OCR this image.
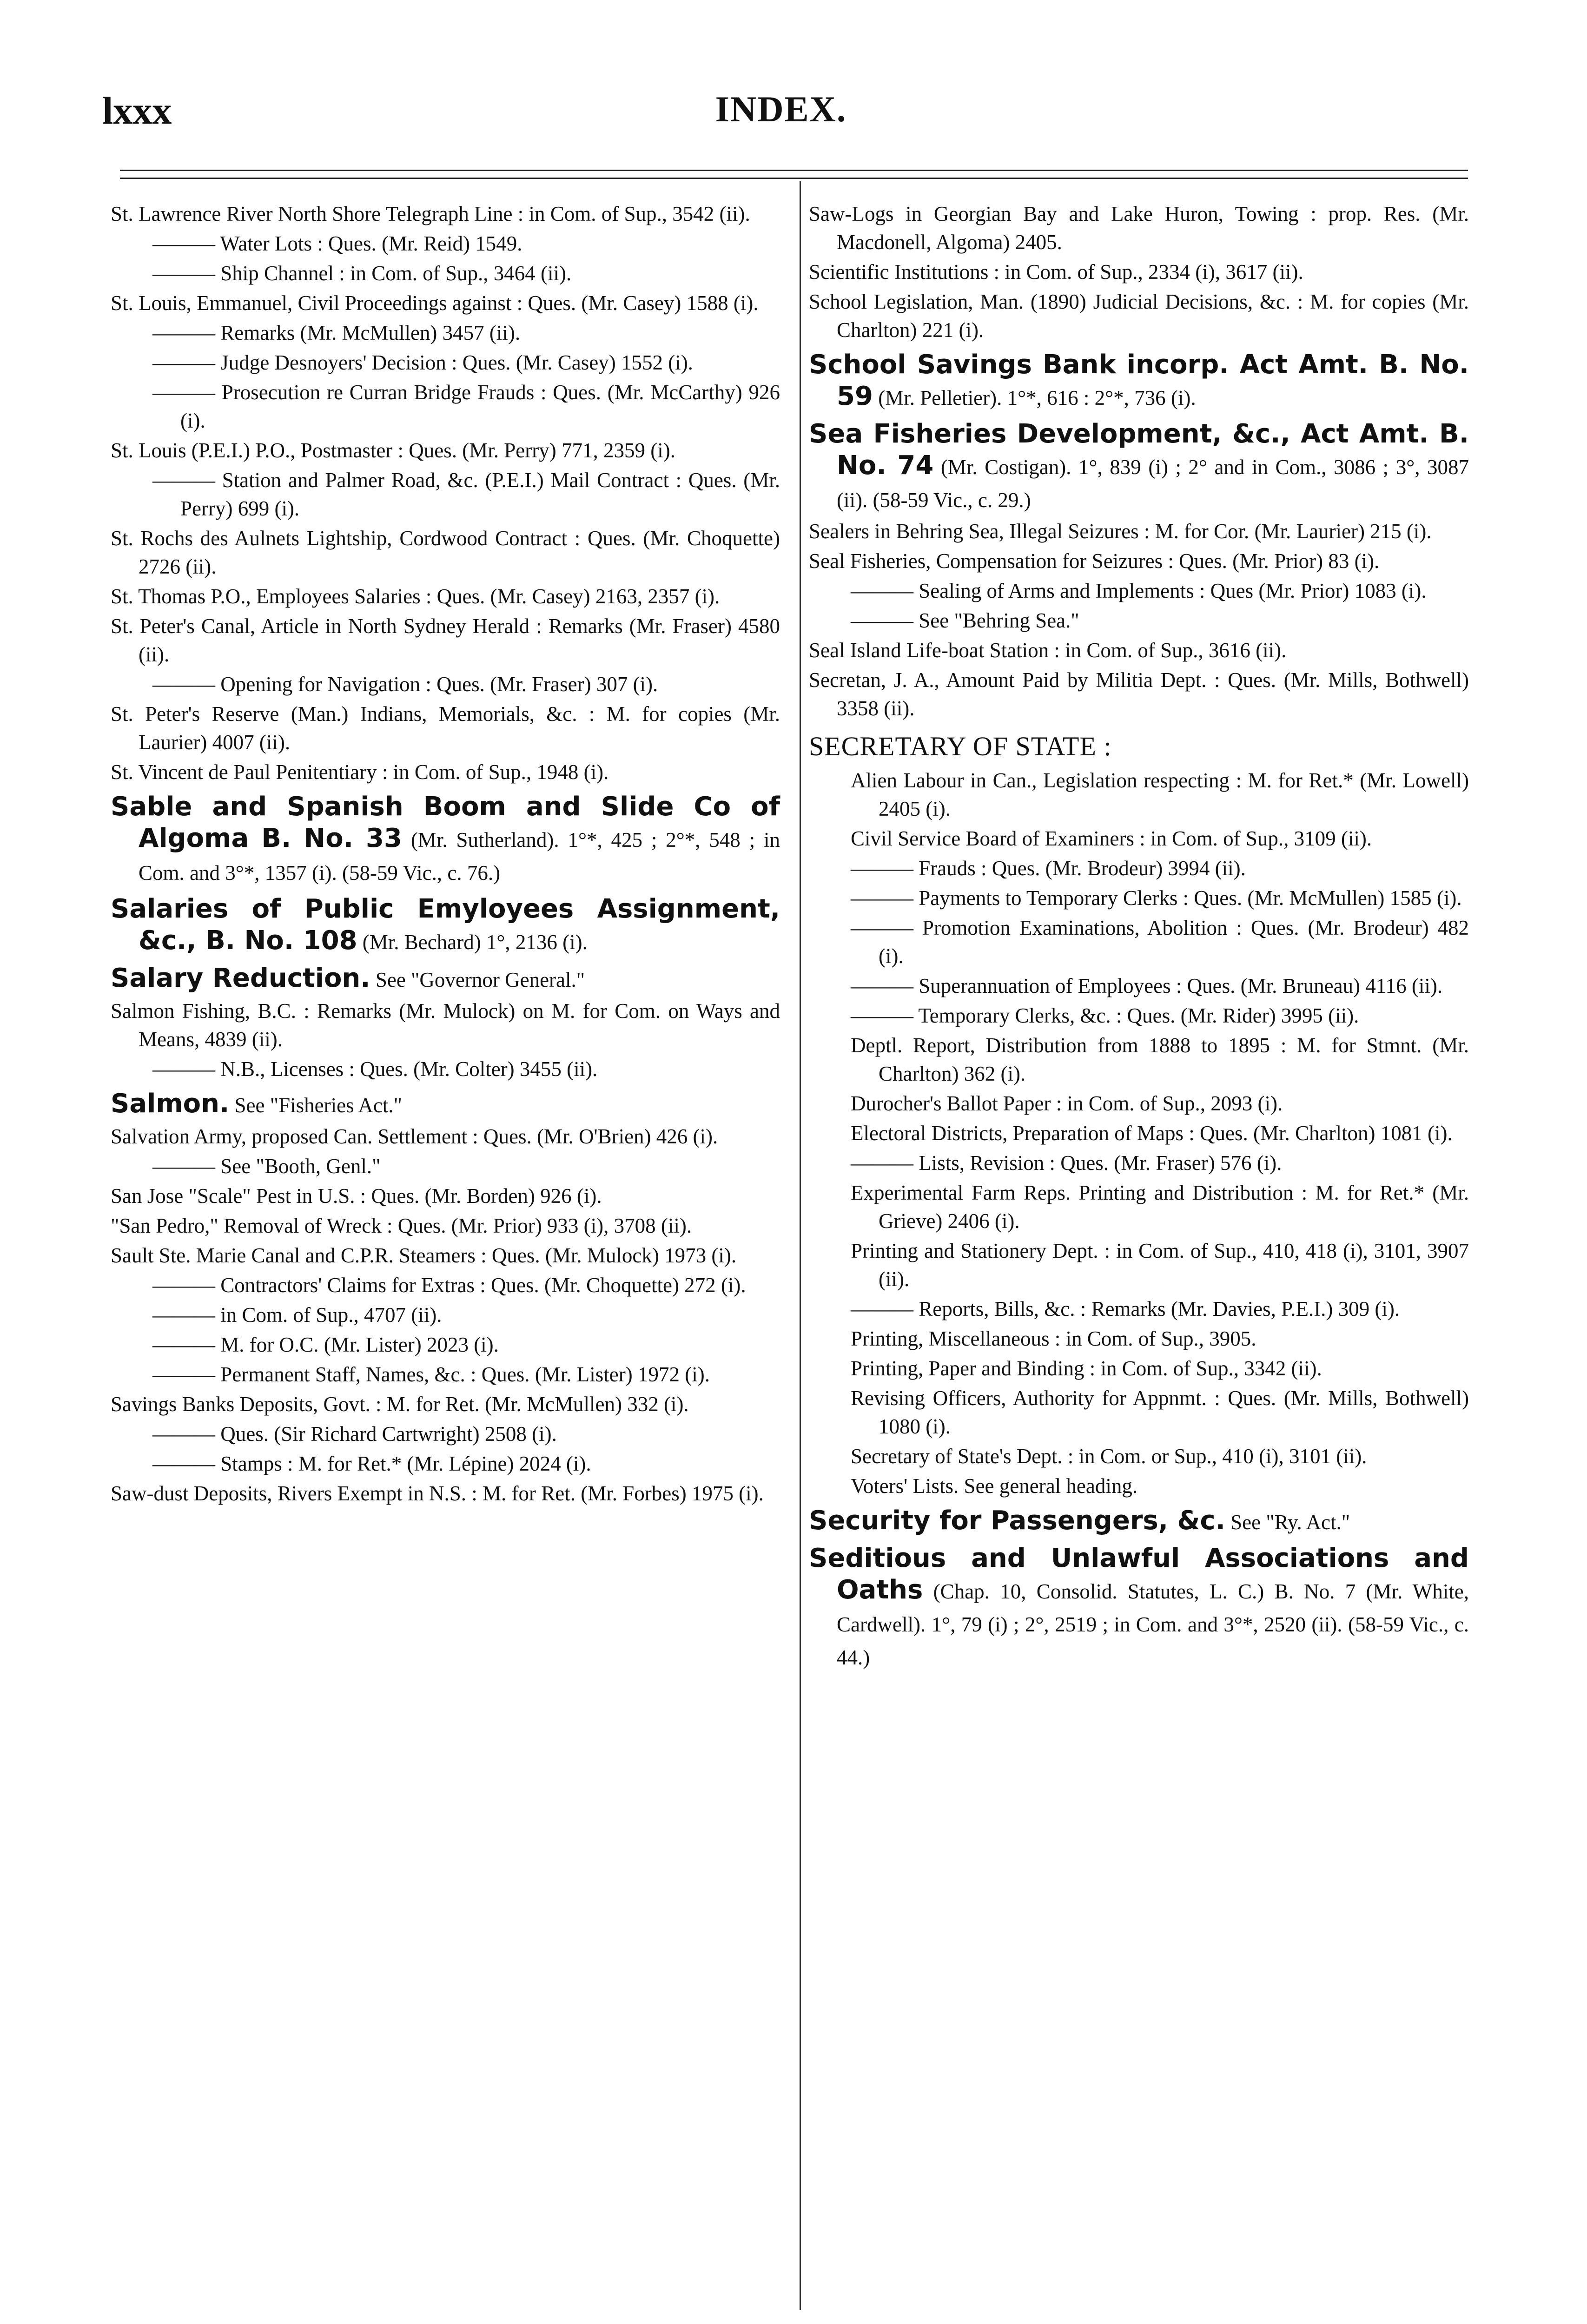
lxxx	INDEX.

St. Lawrence River North Shore Telegraph Line : in Com. of Sup., 3542 (ii).

——— Water Lots : Ques. (Mr. Reid) 1549.

——— Ship Channel : in Com. of Sup., 3464 (ii).

St. Louis, Emmanuel, Civil Proceedings against : Ques. (Mr. Casey) 1588 (i).

——— Remarks (Mr. McMullen) 3457 (ii).

——— Judge Desnoyers' Decision : Ques. (Mr. Casey) 1552 (i).

——— Prosecution re Curran Bridge Frauds : Ques. (Mr. McCarthy) 926 (i).

St. Louis (P.E.I.) P.O., Postmaster : Ques. (Mr. Perry) 771, 2359 (i).

——— Station and Palmer Road, &c. (P.E.I.) Mail Contract : Ques. (Mr. Perry) 699 (i).

St. Rochs des Aulnets Lightship, Cordwood Contract : Ques. (Mr. Choquette) 2726 (ii).

St. Thomas P.O., Employees Salaries : Ques. (Mr. Casey) 2163, 2357 (i).

St. Peter's Canal, Article in North Sydney Herald : Remarks (Mr. Fraser) 4580 (ii).

——— Opening for Navigation : Ques. (Mr. Fraser) 307 (i).

St. Peter's Reserve (Man.) Indians, Memorials, &c. : M. for copies (Mr. Laurier) 4007 (ii).

St. Vincent de Paul Penitentiary : in Com. of Sup., 1948 (i).

Sable and Spanish Boom and Slide Co of Algoma B. No. 33 (Mr. Sutherland). 1°*, 425 ; 2°*, 548 ; in Com. and 3°*, 1357 (i). (58-59 Vic., c. 76.)

Salaries of Public Emyloyees Assignment, &c., B. No. 108 (Mr. Bechard) 1°, 2136 (i).

Salary Reduction. See "Governor General."

Salmon Fishing, B.C. : Remarks (Mr. Mulock) on M. for Com. on Ways and Means, 4839 (ii).

——— N.B., Licenses : Ques. (Mr. Colter) 3455 (ii).

Salmon. See "Fisheries Act."

Salvation Army, proposed Can. Settlement : Ques. (Mr. O'Brien) 426 (i).

——— See "Booth, Genl."

San Jose "Scale" Pest in U.S. : Ques. (Mr. Borden) 926 (i).

"San Pedro," Removal of Wreck : Ques. (Mr. Prior) 933 (i), 3708 (ii).

Sault Ste. Marie Canal and C.P.R. Steamers : Ques. (Mr. Mulock) 1973 (i).

——— Contractors' Claims for Extras : Ques. (Mr. Choquette) 272 (i).

——— in Com. of Sup., 4707 (ii).

——— M. for O.C. (Mr. Lister) 2023 (i).

——— Permanent Staff, Names, &c. : Ques. (Mr. Lister) 1972 (i).

Savings Banks Deposits, Govt. : M. for Ret. (Mr. McMullen) 332 (i).

——— Ques. (Sir Richard Cartwright) 2508 (i).

——— Stamps : M. for Ret.* (Mr. Lépine) 2024 (i).

Saw-dust Deposits, Rivers Exempt in N.S. : M. for Ret. (Mr. Forbes) 1975 (i).

Saw-Logs in Georgian Bay and Lake Huron, Towing : prop. Res. (Mr. Macdonell, Algoma) 2405.

Scientific Institutions : in Com. of Sup., 2334 (i), 3617 (ii).

School Legislation, Man. (1890) Judicial Decisions, &c. : M. for copies (Mr. Charlton) 221 (i).

School Savings Bank incorp. Act Amt. B. No. 59 (Mr. Pelletier). 1°*, 616 : 2°*, 736 (i).

Sea Fisheries Development, &c., Act Amt. B. No. 74 (Mr. Costigan). 1°, 839 (i) ; 2° and in Com., 3086 ; 3°, 3087 (ii). (58-59 Vic., c. 29.)

Sealers in Behring Sea, Illegal Seizures : M. for Cor. (Mr. Laurier) 215 (i).

Seal Fisheries, Compensation for Seizures : Ques. (Mr. Prior) 83 (i).

——— Sealing of Arms and Implements : Ques (Mr. Prior) 1083 (i).

——— See "Behring Sea."

Seal Island Life-boat Station : in Com. of Sup., 3616 (ii).

Secretan, J. A., Amount Paid by Militia Dept. : Ques. (Mr. Mills, Bothwell) 3358 (ii).

SECRETARY OF STATE :

Alien Labour in Can., Legislation respecting : M. for Ret.* (Mr. Lowell) 2405 (i).

Civil Service Board of Examiners : in Com. of Sup., 3109 (ii).

——— Frauds : Ques. (Mr. Brodeur) 3994 (ii).

——— Payments to Temporary Clerks : Ques. (Mr. McMullen) 1585 (i).

——— Promotion Examinations, Abolition : Ques. (Mr. Brodeur) 482 (i).

——— Superannuation of Employees : Ques. (Mr. Bruneau) 4116 (ii).

——— Temporary Clerks, &c. : Ques. (Mr. Rider) 3995 (ii).

Deptl. Report, Distribution from 1888 to 1895 : M. for Stmnt. (Mr. Charlton) 362 (i).

Durocher's Ballot Paper : in Com. of Sup., 2093 (i).

Electoral Districts, Preparation of Maps : Ques. (Mr. Charlton) 1081 (i).

——— Lists, Revision : Ques. (Mr. Fraser) 576 (i).

Experimental Farm Reps. Printing and Distribution : M. for Ret.* (Mr. Grieve) 2406 (i).

Printing and Stationery Dept. : in Com. of Sup., 410, 418 (i), 3101, 3907 (ii).

——— Reports, Bills, &c. : Remarks (Mr. Davies, P.E.I.) 309 (i).

Printing, Miscellaneous : in Com. of Sup., 3905.

Printing, Paper and Binding : in Com. of Sup., 3342 (ii).

Revising Officers, Authority for Appnmt. : Ques. (Mr. Mills, Bothwell) 1080 (i).

Secretary of State's Dept. : in Com. or Sup., 410 (i), 3101 (ii).

Voters' Lists. See general heading.

Security for Passengers, &c. See "Ry. Act."

Seditious and Unlawful Associations and Oaths (Chap. 10, Consolid. Statutes, L. C.) B. No. 7 (Mr. White, Cardwell). 1°, 79 (i) ; 2°, 2519 ; in Com. and 3°*, 2520 (ii). (58-59 Vic., c. 44.)
